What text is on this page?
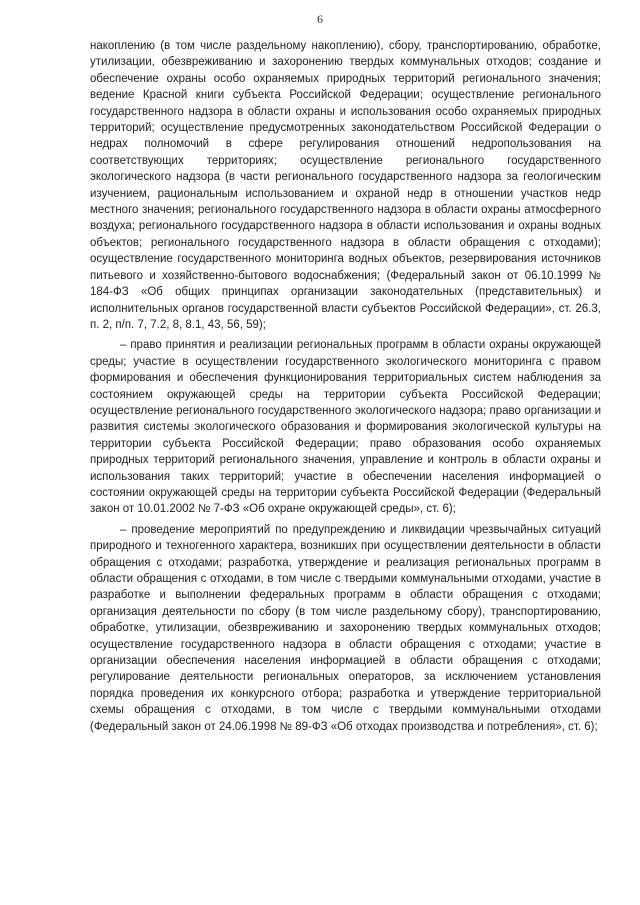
6

накоплению (в том числе раздельному накоплению), сбору, транспортированию, обработке, утилизации, обезвреживанию и захоронению твердых коммунальных отходов; создание и обеспечение охраны особо охраняемых природных территорий регионального значения; ведение Красной книги субъекта Российской Федерации; осуществление регионального государственного надзора в области охраны и использования особо охраняемых природных территорий; осуществление предусмотренных законодательством Российской Федерации о недрах полномочий в сфере регулирования отношений недропользования на соответствующих территориях; осуществление регионального государственного экологического надзора (в части регионального государственного надзора за геологическим изучением, рациональным использованием и охраной недр в отношении участков недр местного значения; регионального государственного надзора в области охраны атмосферного воздуха; регионального государственного надзора в области использования и охраны водных объектов; регионального государственного надзора в области обращения с отходами); осуществление государственного мониторинга водных объектов, резервирования источников питьевого и хозяйственно-бытового водоснабжения; (Федеральный закон от 06.10.1999 № 184-ФЗ «Об общих принципах организации законодательных (представительных) и исполнительных органов государственной власти субъектов Российской Федерации», ст. 26.3, п. 2, п/п. 7, 7.2, 8, 8.1, 43, 56, 59);

– право принятия и реализации региональных программ в области охраны окружающей среды; участие в осуществлении государственного экологического мониторинга с правом формирования и обеспечения функционирования территориальных систем наблюдения за состоянием окружающей среды на территории субъекта Российской Федерации; осуществление регионального государственного экологического надзора; право организации и развития системы экологического образования и формирования экологической культуры на территории субъекта Российской Федерации; право образования особо охраняемых природных территорий регионального значения, управление и контроль в области охраны и использования таких территорий; участие в обеспечении населения информацией о состоянии окружающей среды на территории субъекта Российской Федерации (Федеральный закон от 10.01.2002 № 7-ФЗ «Об охране окружающей среды», ст. 6);

– проведение мероприятий по предупреждению и ликвидации чрезвычайных ситуаций природного и техногенного характера, возникших при осуществлении деятельности в области обращения с отходами; разработка, утверждение и реализация региональных программ в области обращения с отходами, в том числе с твердыми коммунальными отходами, участие в разработке и выполнении федеральных программ в области обращения с отходами; организация деятельности по сбору (в том числе раздельному сбору), транспортированию, обработке, утилизации, обезвреживанию и захоронению твердых коммунальных отходов; осуществление государственного надзора в области обращения с отходами; участие в организации обеспечения населения информацией в области обращения с отходами; регулирование деятельности региональных операторов, за исключением установления порядка проведения их конкурсного отбора; разработка и утверждение территориальной схемы обращения с отходами, в том числе с твердыми коммунальными отходами (Федеральный закон от 24.06.1998 № 89-ФЗ «Об отходах производства и потребления», ст. 6);
